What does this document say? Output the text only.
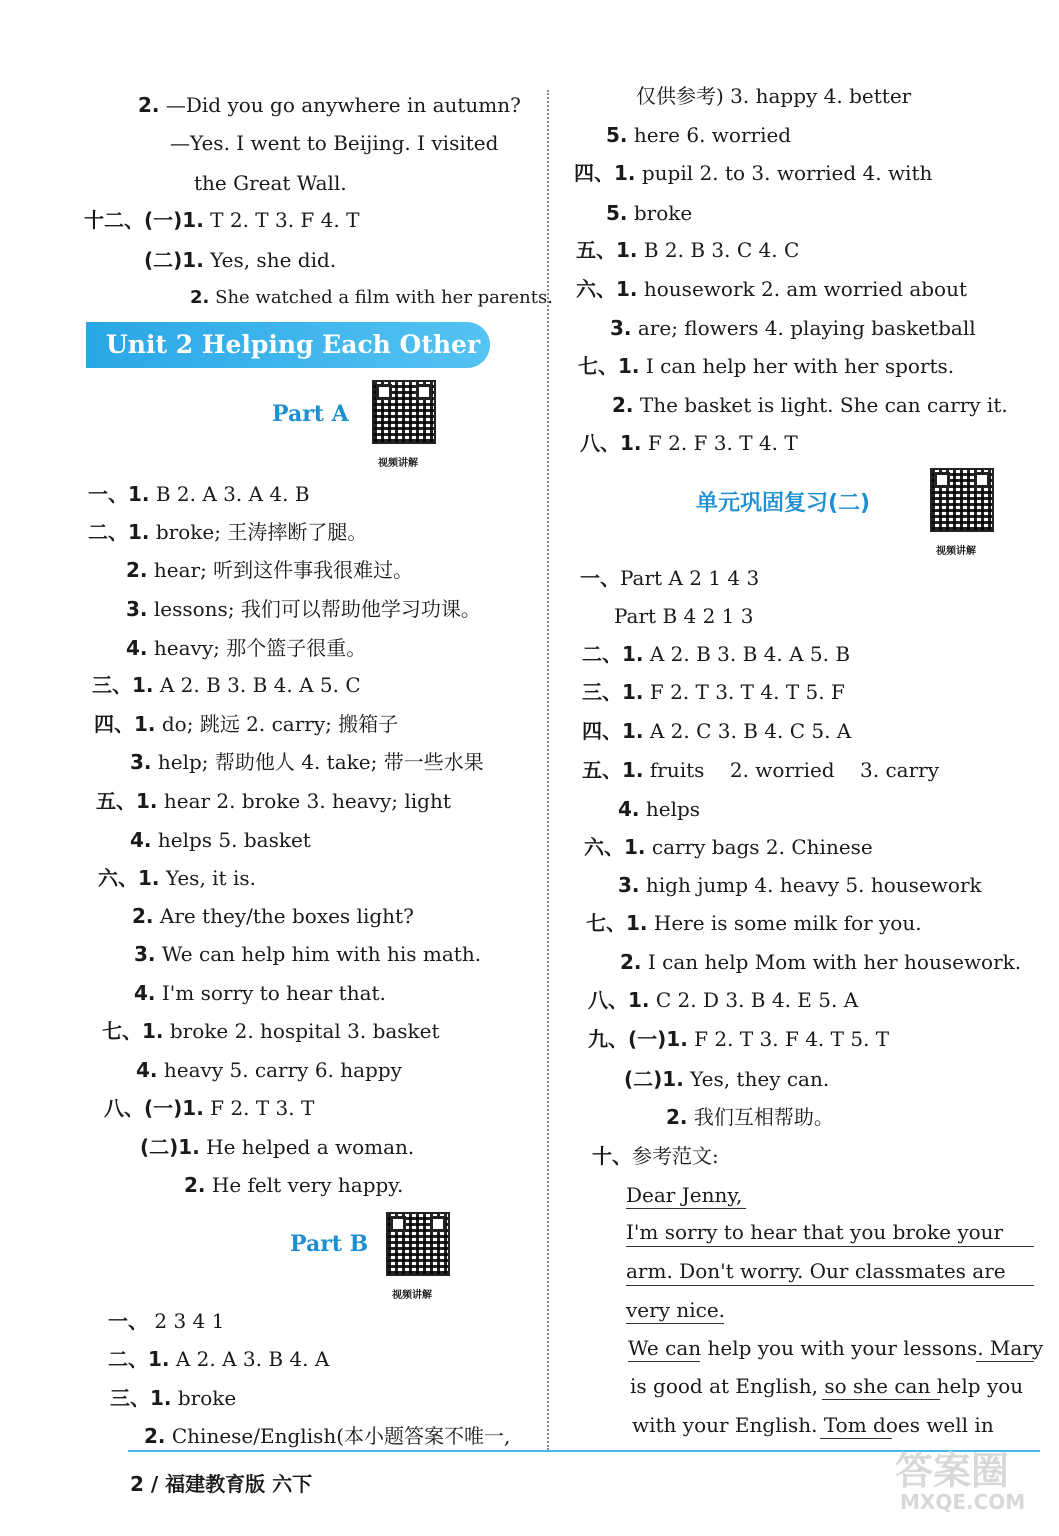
2. —Did you go anywhere in autumn?
—Yes. I went to Beijing. I visited
the Great Wall.
十二、(一)1. T 2. T 3. F 4. T
(二)1. Yes, she did.
2. She watched a film with her parents.
Unit 2 Helping Each Other
Part A
视频讲解
一、1. B 2. A 3. A 4. B
二、1. broke; 王涛摔断了腿。
2. hear; 听到这件事我很难过。
3. lessons; 我们可以帮助他学习功课。
4. heavy; 那个篮子很重。
三、1. A 2. B 3. B 4. A 5. C
四、1. do; 跳远 2. carry; 搬箱子
3. help; 帮助他人 4. take; 带一些水果
五、1. hear 2. broke 3. heavy; light
4. helps 5. basket
六、1. Yes, it is.
2. Are they/the boxes light?
3. We can help him with his math.
4. I'm sorry to hear that.
七、1. broke 2. hospital 3. basket
4. heavy 5. carry 6. happy
八、(一)1. F 2. T 3. T
(二)1. He helped a woman.
2. He felt very happy.
Part B
视频讲解
一、 2 3 4 1
二、1. A 2. A 3. B 4. A
三、1. broke
2. Chinese/English(本小题答案不唯一,
仅供参考) 3. happy 4. better
5. here 6. worried
四、1. pupil 2. to 3. worried 4. with
5. broke
五、1. B 2. B 3. C 4. C
六、1. housework 2. am worried about
3. are; flowers 4. playing basketball
七、1. I can help her with her sports.
2. The basket is light. She can carry it.
八、1. F 2. F 3. T 4. T
单元巩固复习(二)
视频讲解
一、Part A 2 1 4 3
Part B 4 2 1 3
二、1. A 2. B 3. B 4. A 5. B
三、1. F 2. T 3. T 4. T 5. F
四、1. A 2. C 3. B 4. C 5. A
五、1. fruits    2. worried    3. carry
4. helps
六、1. carry bags 2. Chinese
3. high jump 4. heavy 5. housework
七、1. Here is some milk for you.
2. I can help Mom with her housework.
八、1. C 2. D 3. B 4. E 5. A
九、(一)1. F 2. T 3. F 4. T 5. T
(二)1. Yes, they can.
2. 我们互相帮助。
十、参考范文:
Dear Jenny,
I'm sorry to hear that you broke your
arm. Don't worry. Our classmates are
very nice.
We can help you with your lessons. Mary
is good at English, so she can help you
with your English. Tom does well in
2 / 福建教育版 六下	答案圈
MXQE.COM
